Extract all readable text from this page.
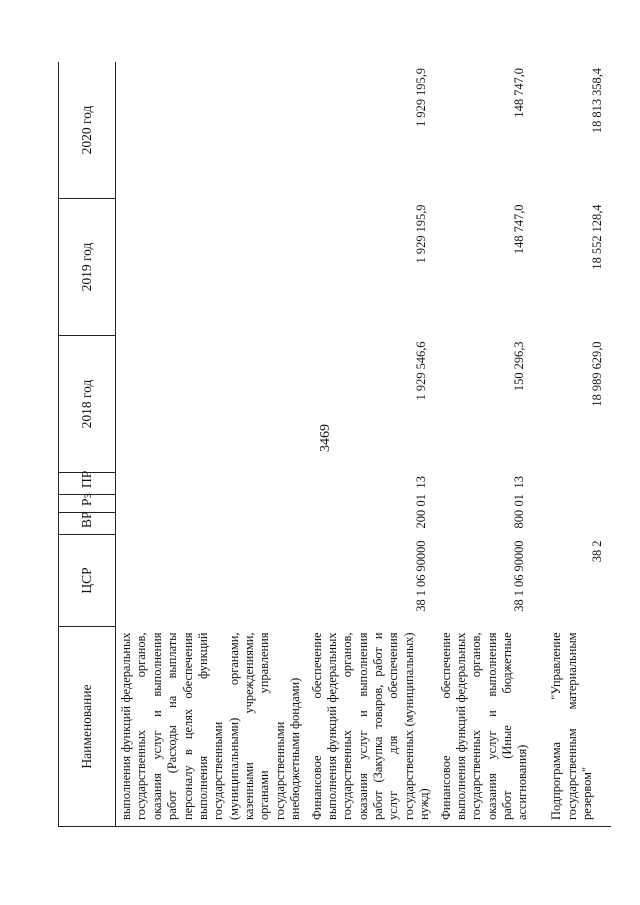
3469
Наименование	ЦСР	ВР	Рз	ПР	2018 год	2019 год	2020 год
выполнения функций федеральных государственных органов, оказания услуг и выполнения работ (Расходы на выплаты персоналу в целях обеспечения выполнения функций государственными (муниципальными) органами, казенными учреждениями, органами управления государственными внебюджетными фондами)							
Финансовое обеспечение выполнения функций федеральных государственных органов, оказания услуг и выполнения работ (Закупка товаров, работ и услуг для обеспечения государственных (муниципальных) нужд)	38 1 06 90000	200	01	13	1 929 546,6	1 929 195,9	1 929 195,9
Финансовое обеспечение выполнения функций федеральных государственных органов, оказания услуг и выполнения работ (Иные бюджетные ассигнования)	38 1 06 90000	800	01	13	150 296,3	148 747,0	148 747,0
Подпрограмма "Управление государственным материальным резервом"	38 2				18 989 629,0	18 552 128,4	18 813 358,4
